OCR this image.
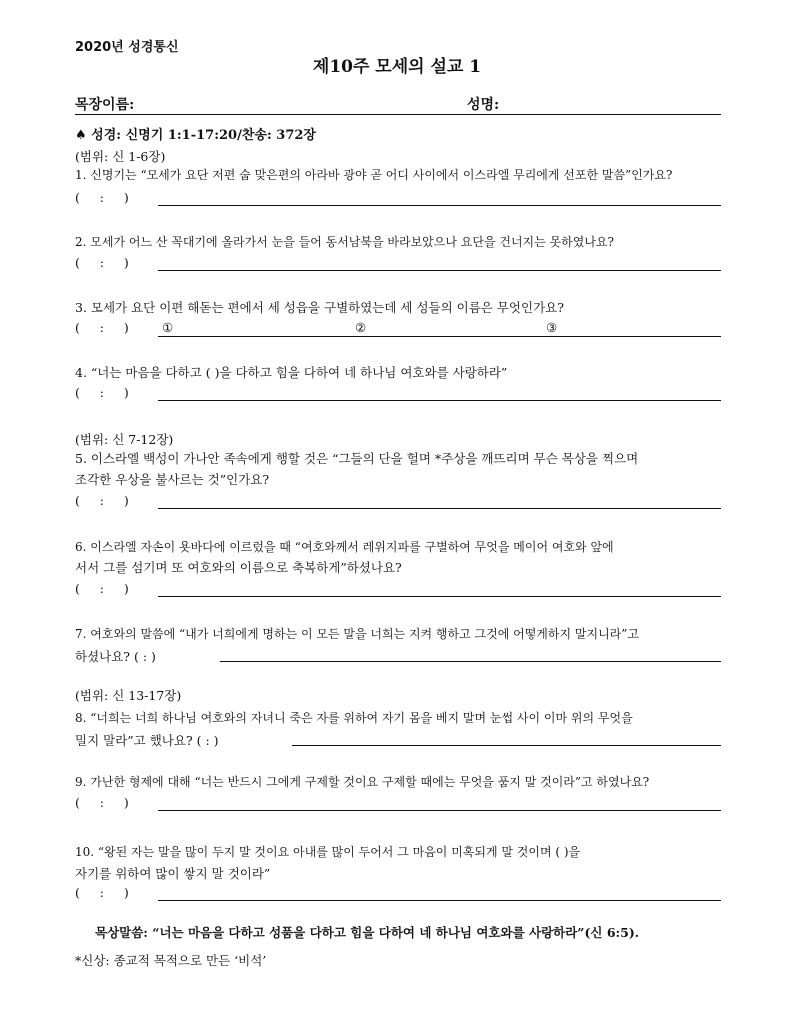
2020년 성경통신
제10주 모세의 설교 1
목장이름:	성명:
♠ 성경: 신명기 1:1-17:20/찬송: 372장
(범위: 신 1-6장)
1. 신명기는 “모세가 요단 저편 숩 맞은편의 아라바 광야 곧 어디 사이에서 이스라엘 무리에게 선포한 말씀”인가요?
(     :     )
2. 모세가 어느 산 꼭대기에 올라가서 눈을 들어 동서남북을 바라보았으나 요단을 건너지는 못하였나요?
(     :     )
3. 모세가 요단 이편 해돋는 편에서 세 성읍을 구별하였는데 세 성들의 이름은 무엇인가요?
(     :     )	①	②	③
4. “너는 마음을 다하고 ( )을 다하고 힘을 다하여 네 하나님 여호와를 사랑하라”
(     :     )
(범위: 신 7-12장)
5. 이스라엘 백성이 가나안 족속에게 행할 것은 “그들의 단을 헐며 *주상을 깨뜨리며 무슨 목상을 찍으며
조각한 우상을 불사르는 것”인가요?
(     :     )
6. 이스라엘 자손이 욧바다에 이르렀을 때 “여호와께서 레위지파를 구별하여 무엇을 메이어 여호와 앞에
서서 그를 섬기며 또 여호와의 이름으로 축복하게”하셨나요?
(     :     )
7. 여호와의 말씀에 “내가 너희에게 명하는 이 모든 말을 너희는 지켜 행하고 그것에 어떻게하지 말지니라”고
하셨나요? ( : )
(범위: 신 13-17장)
8. “너희는 너희 하나님 여호와의 자녀니 죽은 자를 위하여 자기 몸을 베지 말며 눈썹 사이 이마 위의 무엇을
밀지 말라”고 했나요? ( : )
9. 가난한 형제에 대해 “너는 반드시 그에게 구제할 것이요 구제할 때에는 무엇을 품지 말 것이라”고 하였나요?
(     :     )
10. “왕된 자는 말을 많이 두지 말 것이요 아내를 많이 두어서 그 마음이 미혹되게 말 것이며 ( )을
자기를 위하여 많이 쌓지 말 것이라”
(     :     )
목상말씀: “너는 마음을 다하고 성품을 다하고 힘을 다하여 네 하나님 여호와를 사랑하라”(신 6:5).
*신상: 종교적 목적으로 만든 ‘비석’
